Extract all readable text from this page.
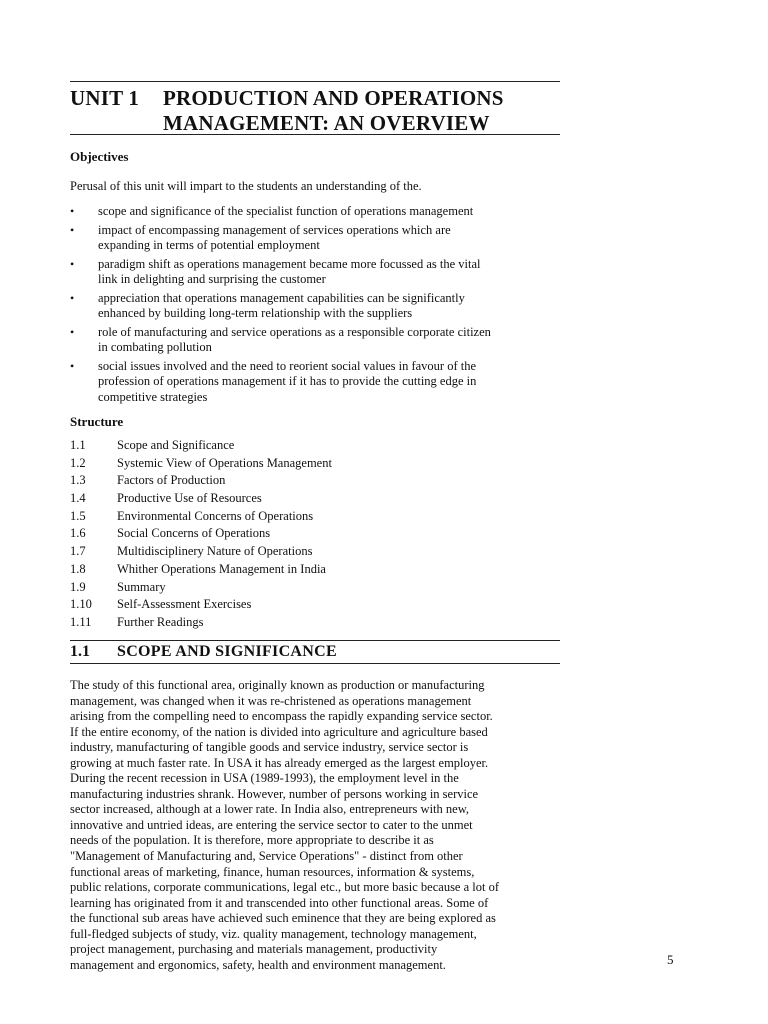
UNIT 1 PRODUCTION AND OPERATIONS
MANAGEMENT: AN OVERVIEW
Objectives
Perusal of this unit will impart to the students an understanding of the.
• scope and significance of the specialist function of operations management
• impact of encompassing management of services operations which are
expanding in terms of potential employment
• paradigm shift as operations management became more focussed as the vital
link in delighting and surprising the customer
• appreciation that operations management capabilities can be significantly
enhanced by building long-term relationship with the suppliers
• role of manufacturing and service operations as a responsible corporate citizen
in combating pollution
• social issues involved and the need to reorient social values in favour of the
profession of operations management if it has to provide the cutting edge in
competitive strategies
Structure
1.1	Scope and Significance
1.2	Systemic View of Operations Management
1.3	Factors of Production
1.4	Productive Use of Resources
1.5	Environmental Concerns of Operations
1.6	Social Concerns of Operations
1.7	Multidisciplinery Nature of Operations
1.8	Whither Operations Management in India
1.9	Summary
1.10 Self-Assessment Exercises
1.11 Further Readings
1.1 SCOPE AND SIGNIFICANCE
The study of this functional area, originally known as production or manufacturing
management, was changed when it was re-christened as operations management
arising from the compelling need to encompass the rapidly expanding service sector.
If the entire economy, of the nation is divided into agriculture and agriculture based
industry, manufacturing of tangible goods and service industry, service sector is
growing at much faster rate. In USA it has already emerged as the largest employer.
During the recent recession in USA (1989-1993), the employment level in the
manufacturing industries shrank. However, number of persons working in service
sector increased, although at a lower rate. In India also, entrepreneurs with new,
innovative and untried ideas, are entering the service sector to cater to the unmet
needs of the population. It is therefore, more appropriate to describe it as
"Management of Manufacturing and, Service Operations" - distinct from other
functional areas of marketing, finance, human resources, information & systems,
public relations, corporate communications, legal etc., but more basic because a lot of
learning has originated from it and transcended into other functional areas. Some of
the functional sub areas have achieved such eminence that they are being explored as
full-fledged subjects of study, viz. quality management, technology management,
project management, purchasing and materials management, productivity
management and ergonomics, safety, health and environment management.	5
